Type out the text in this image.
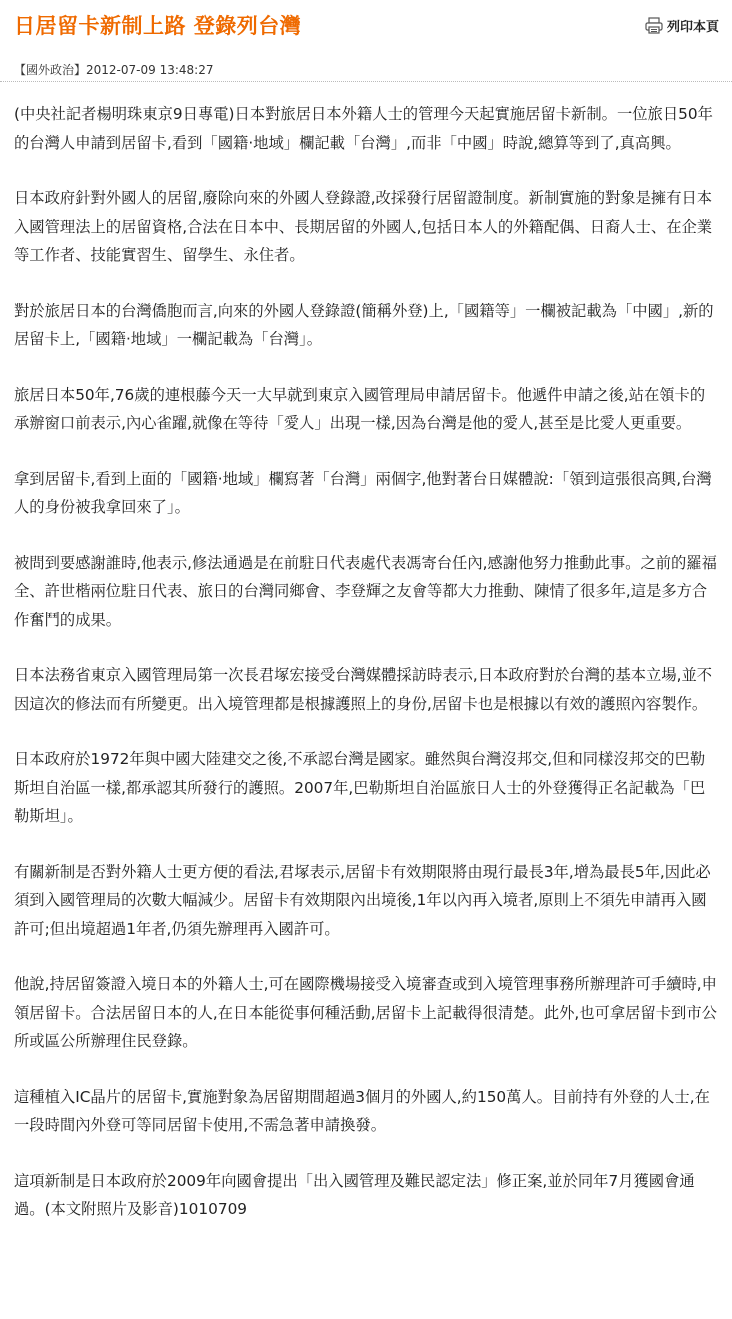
日居留卡新制上路 登錄列台灣	列印本頁
【國外政治】2012-07-09 13:48:27

(中央社記者楊明珠東京9日專電)日本對旅居日本外籍人士的管理今天起實施居留卡新制。一位旅日50年的台灣人申請到居留卡,看到「國籍·地域」欄記載「台灣」,而非「中國」時說,總算等到了,真高興。

日本政府針對外國人的居留,廢除向來的外國人登錄證,改採發行居留證制度。新制實施的對象是擁有日本入國管理法上的居留資格,合法在日本中、長期居留的外國人,包括日本人的外籍配偶、日裔人士、在企業等工作者、技能實習生、留學生、永住者。

對於旅居日本的台灣僑胞而言,向來的外國人登錄證(簡稱外登)上,「國籍等」一欄被記載為「中國」,新的居留卡上,「國籍·地域」一欄記載為「台灣」。

旅居日本50年,76歲的連根藤今天一大早就到東京入國管理局申請居留卡。他遞件申請之後,站在領卡的承辦窗口前表示,內心雀躍,就像在等待「愛人」出現一樣,因為台灣是他的愛人,甚至是比愛人更重要。

拿到居留卡,看到上面的「國籍·地域」欄寫著「台灣」兩個字,他對著台日媒體說:「領到這張很高興,台灣人的身份被我拿回來了」。

被問到要感謝誰時,他表示,修法通過是在前駐日代表處代表馮寄台任內,感謝他努力推動此事。之前的羅福全、許世楷兩位駐日代表、旅日的台灣同鄉會、李登輝之友會等都大力推動、陳情了很多年,這是多方合作奮鬥的成果。

日本法務省東京入國管理局第一次長君塚宏接受台灣媒體採訪時表示,日本政府對於台灣的基本立場,並不因這次的修法而有所變更。出入境管理都是根據護照上的身份,居留卡也是根據以有效的護照內容製作。

日本政府於1972年與中國大陸建交之後,不承認台灣是國家。雖然與台灣沒邦交,但和同樣沒邦交的巴勒斯坦自治區一樣,都承認其所發行的護照。2007年,巴勒斯坦自治區旅日人士的外登獲得正名記載為「巴勒斯坦」。

有關新制是否對外籍人士更方便的看法,君塚表示,居留卡有效期限將由現行最長3年,增為最長5年,因此必須到入國管理局的次數大幅減少。居留卡有效期限內出境後,1年以內再入境者,原則上不須先申請再入國許可;但出境超過1年者,仍須先辦理再入國許可。

他說,持居留簽證入境日本的外籍人士,可在國際機場接受入境審查或到入境管理事務所辦理許可手續時,申領居留卡。合法居留日本的人,在日本能從事何種活動,居留卡上記載得很清楚。此外,也可拿居留卡到市公所或區公所辦理住民登錄。

這種植入IC晶片的居留卡,實施對象為居留期間超過3個月的外國人,約150萬人。目前持有外登的人士,在一段時間內外登可等同居留卡使用,不需急著申請換發。

這項新制是日本政府於2009年向國會提出「出入國管理及難民認定法」修正案,並於同年7月獲國會通過。(本文附照片及影音)1010709
